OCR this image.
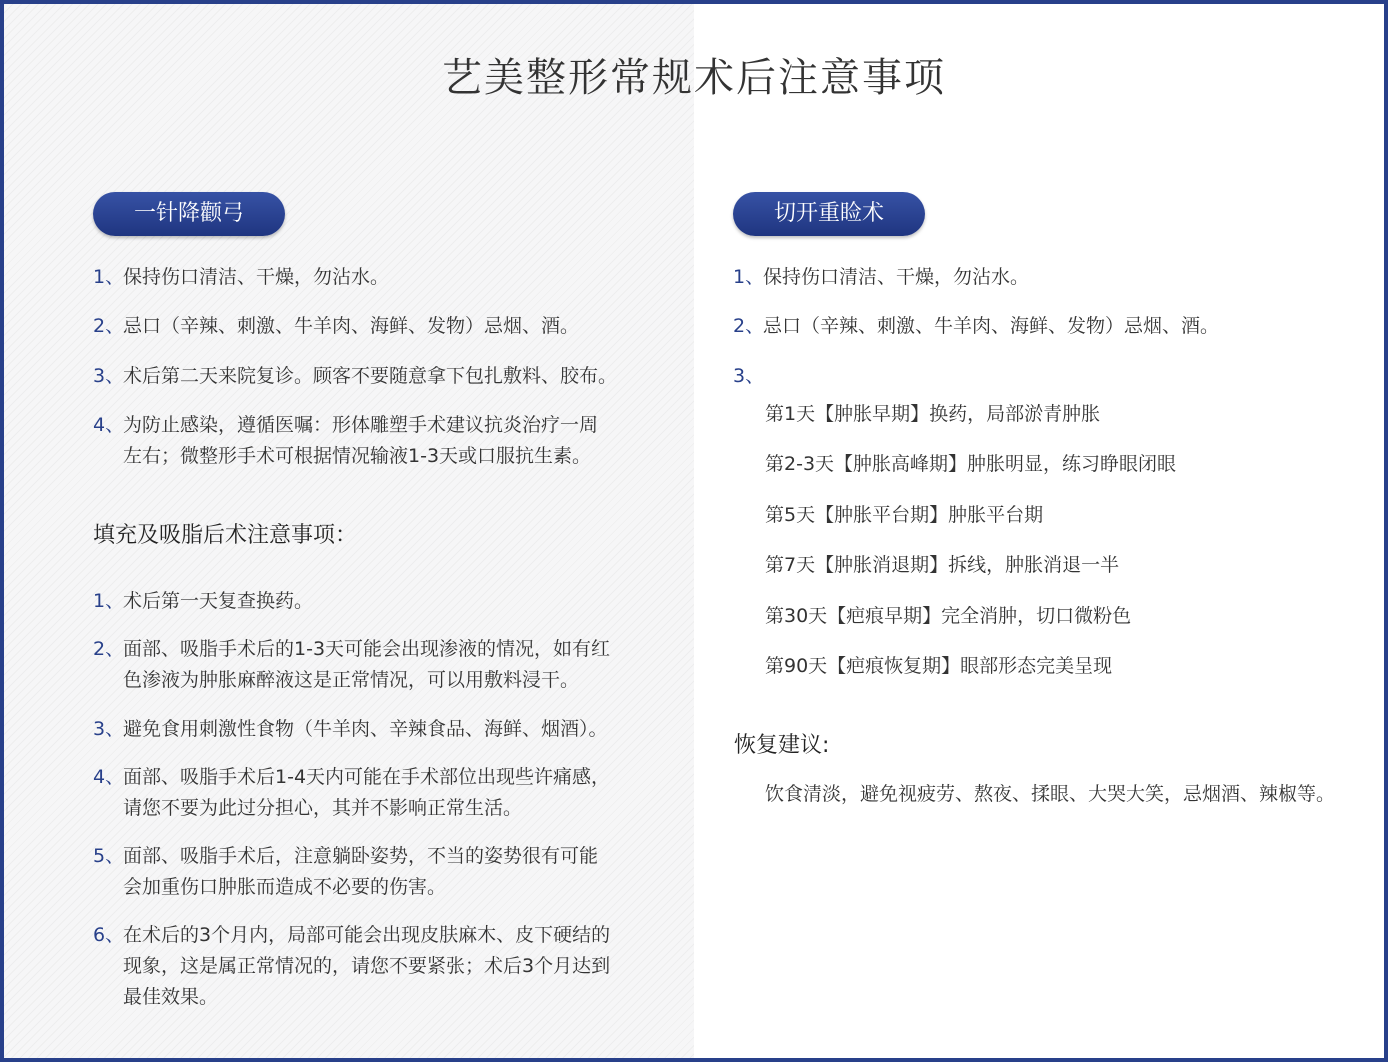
艺美整形常规术后注意事项
一针降颧弓
1、
保持伤口清洁、干燥，勿沾水。
2、
忌口（辛辣、刺激、牛羊肉、海鲜、发物）忌烟、酒。
3、
术后第二天来院复诊。顾客不要随意拿下包扎敷料、胶布。
4、
为防止感染，遵循医嘱：形体雕塑手术建议抗炎治疗一周
左右；微整形手术可根据情况输液1-3天或口服抗生素。
填充及吸脂后术注意事项：
1、
术后第一天复查换药。
2、
面部、吸脂手术后的1-3天可能会出现渗液的情况，如有红
色渗液为肿胀麻醉液这是正常情况，可以用敷料浸干。
3、
避免食用刺激性食物（牛羊肉、辛辣食品、海鲜、烟酒）。
4、
面部、吸脂手术后1-4天内可能在手术部位出现些许痛感，
请您不要为此过分担心，其并不影响正常生活。
5、
面部、吸脂手术后，注意躺卧姿势，不当的姿势很有可能
会加重伤口肿胀而造成不必要的伤害。
6、
在术后的3个月内，局部可能会出现皮肤麻木、皮下硬结的
现象，这是属正常情况的，请您不要紧张；术后3个月达到
最佳效果。
切开重睑术
1、
保持伤口清洁、干燥，勿沾水。
2、
忌口（辛辣、刺激、牛羊肉、海鲜、发物）忌烟、酒。
3、
第1天【肿胀早期】换药，局部淤青肿胀
第2-3天【肿胀高峰期】肿胀明显，练习睁眼闭眼
第5天【肿胀平台期】肿胀平台期
第7天【肿胀消退期】拆线，肿胀消退一半
第30天【疤痕早期】完全消肿，切口微粉色
第90天【疤痕恢复期】眼部形态完美呈现
恢复建议:
饮食清淡，避免视疲劳、熬夜、揉眼、大哭大笑，忌烟酒、辣椒等。
